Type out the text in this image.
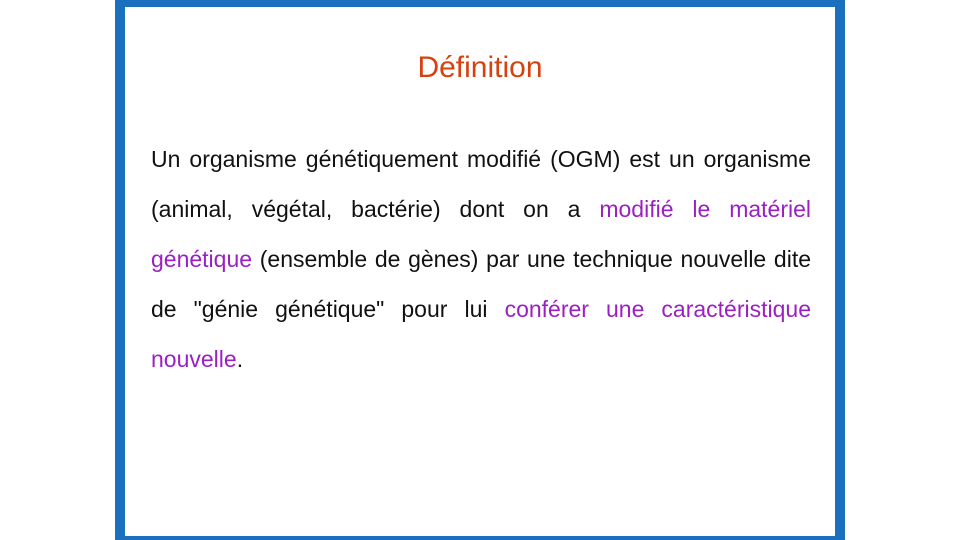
Définition

Un organisme génétiquement modifié (OGM) est un organisme (animal, végétal, bactérie) dont on a modifié le matériel génétique (ensemble de gènes) par une technique nouvelle dite de "génie génétique" pour lui conférer une caractéristique nouvelle.
